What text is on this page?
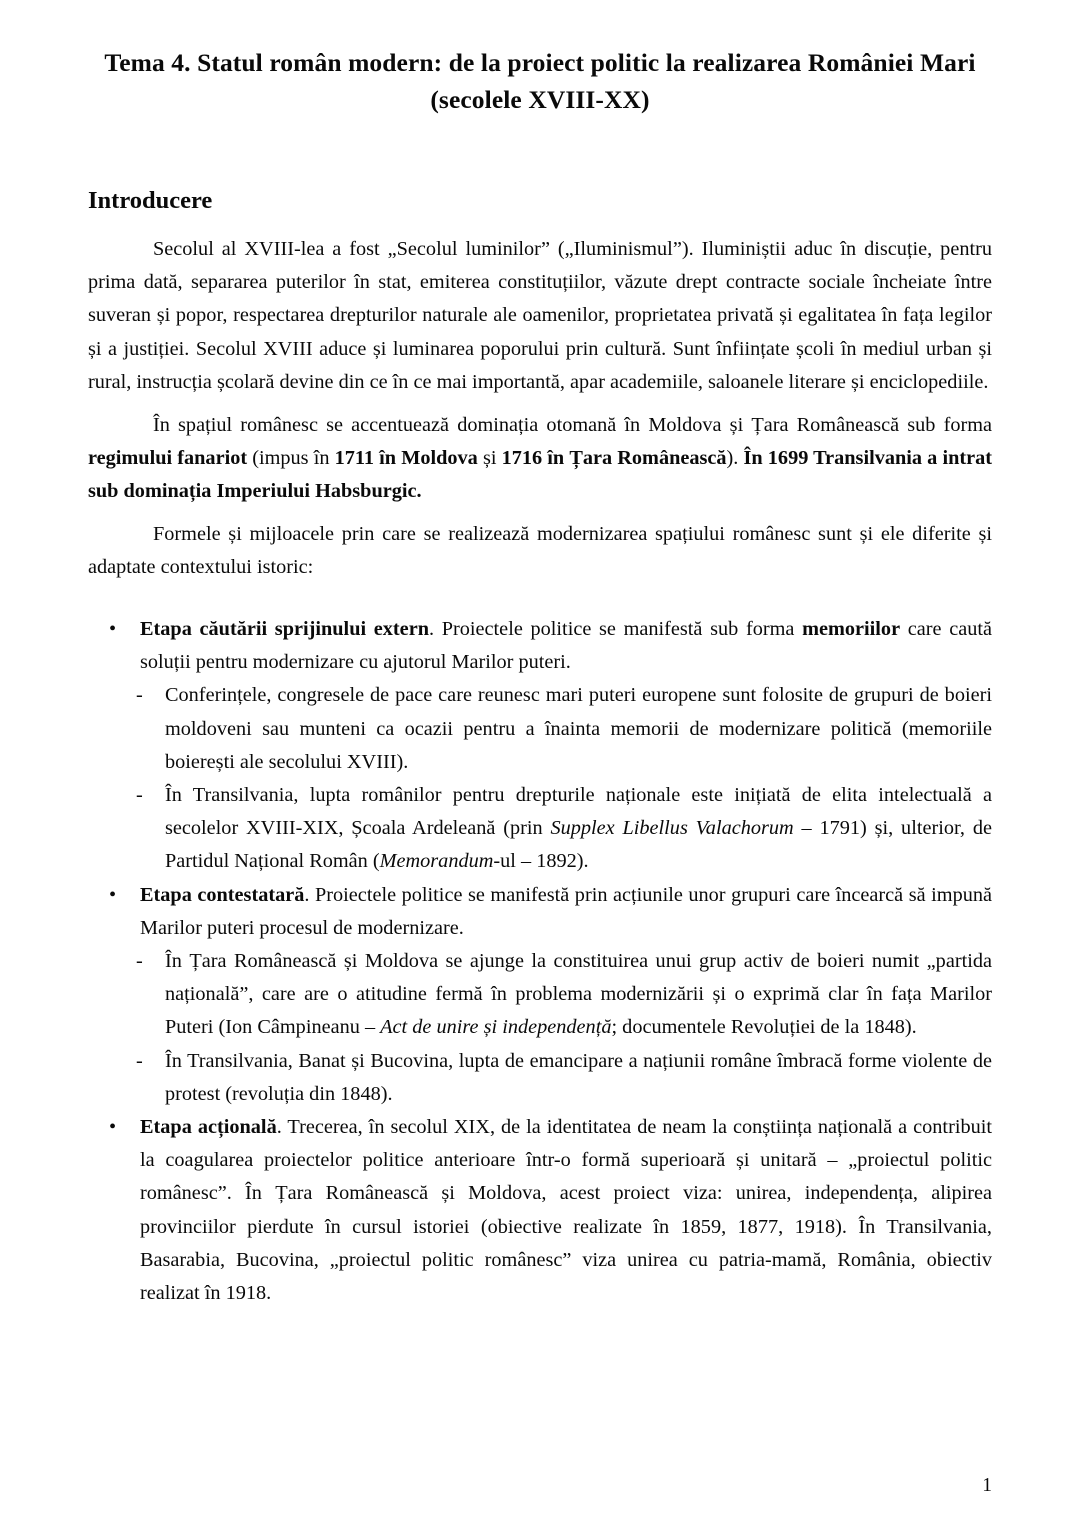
Tema 4. Statul român modern: de la proiect politic la realizarea României Mari
(secolele XVIII-XX)
Introducere

Secolul al XVIII-lea a fost „Secolul luminilor” („Iluminismul”). Iluminiștii aduc în discuție, pentru prima dată, separarea puterilor în stat, emiterea constituțiilor, văzute drept contracte sociale încheiate între suveran și popor, respectarea drepturilor naturale ale oamenilor, proprietatea privată și egalitatea în fața legilor și a justiției. Secolul XVIII aduce și luminarea poporului prin cultură. Sunt înființate școli în mediul urban și rural, instrucția școlară devine din ce în ce mai importantă, apar academiile, saloanele literare și enciclopediile.

În spațiul românesc se accentuează dominația otomană în Moldova și Țara Românească sub forma regimului fanariot (impus în 1711 în Moldova și 1716 în Țara Românească). În 1699 Transilvania a intrat sub dominația Imperiului Habsburgic.

Formele și mijloacele prin care se realizează modernizarea spațiului românesc sunt și ele diferite și adaptate contextului istoric:

•	Etapa căutării sprijinului extern. Proiectele politice se manifestă sub forma memoriilor care caută soluții pentru modernizare cu ajutorul Marilor puteri.
-	Conferințele, congresele de pace care reunesc mari puteri europene sunt folosite de grupuri de boieri moldoveni sau munteni ca ocazii pentru a înainta memorii de modernizare politică (memoriile boierești ale secolului XVIII).
-	În Transilvania, lupta românilor pentru drepturile naționale este inițiată de elita intelectuală a secolelor XVIII-XIX, Școala Ardeleană (prin Supplex Libellus Valachorum – 1791) și, ulterior, de Partidul Național Român (Memorandum-ul – 1892).
•	Etapa contestatară. Proiectele politice se manifestă prin acțiunile unor grupuri care încearcă să impună Marilor puteri procesul de modernizare.
-	În Țara Românească și Moldova se ajunge la constituirea unui grup activ de boieri numit „partida națională”, care are o atitudine fermă în problema modernizării și o exprimă clar în fața Marilor Puteri (Ion Câmpineanu – Act de unire și independență; documentele Revoluției de la 1848).
-	În Transilvania, Banat și Bucovina, lupta de emancipare a națiunii române îmbracă forme violente de protest (revoluția din 1848).
•	Etapa acțională. Trecerea, în secolul XIX, de la identitatea de neam la conștiința națională a contribuit la coagularea proiectelor politice anterioare într-o formă superioară și unitară – „proiectul politic românesc”. În Țara Românească și Moldova, acest proiect viza: unirea, independența, alipirea provinciilor pierdute în cursul istoriei (obiective realizate în 1859, 1877, 1918). În Transilvania, Basarabia, Bucovina, „proiectul politic românesc” viza unirea cu patria-mamă, România, obiectiv realizat în 1918.
1
